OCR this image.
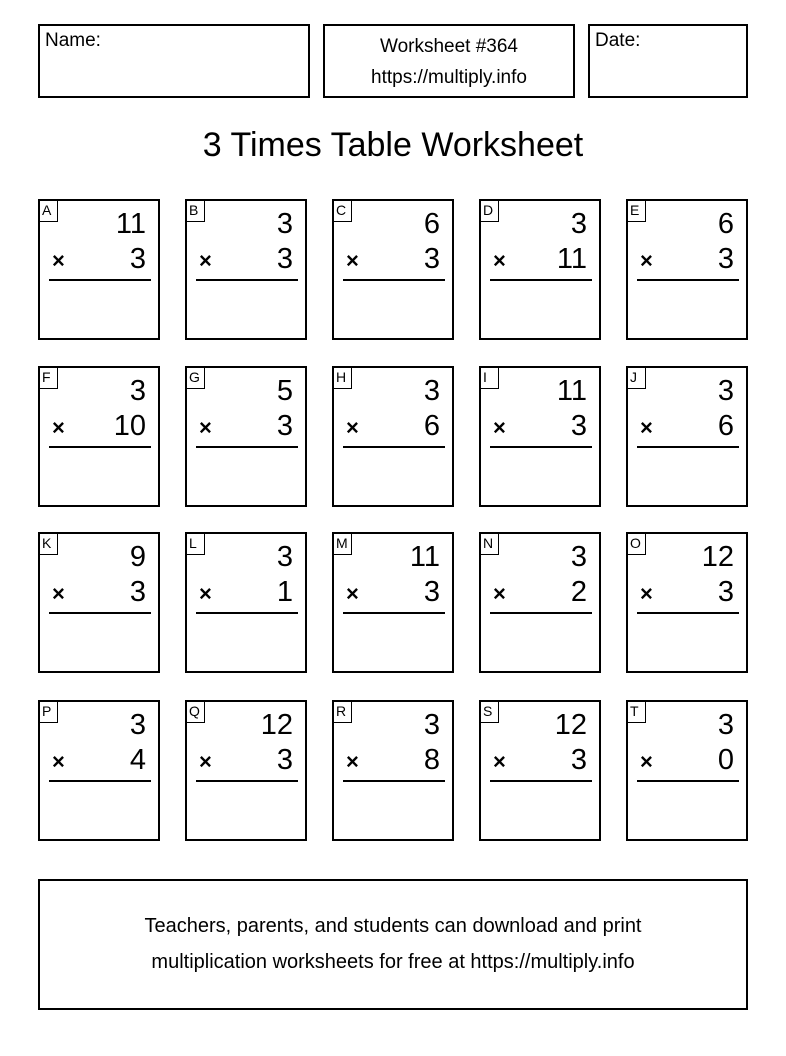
Name:	Worksheet #364
https://multiply.info
Date:
3 Times Table Worksheet
A 11
× 3
B	3
× 3
C	6
× 3
D	3
× 11
E	6
× 3
F	3
× 10
G	5
× 3
H	3
× 6
I	11
× 3
J	3
× 6
K	9
× 3
L	3
× 1
M 11
× 3
N	3
× 2
O 12
× 3
P	3
× 4
Q 12
× 3
R	3
× 8
S 12
× 3
T	3
× 0
Teachers, parents, and students can download and print
multiplication worksheets for free at https://multiply.info
